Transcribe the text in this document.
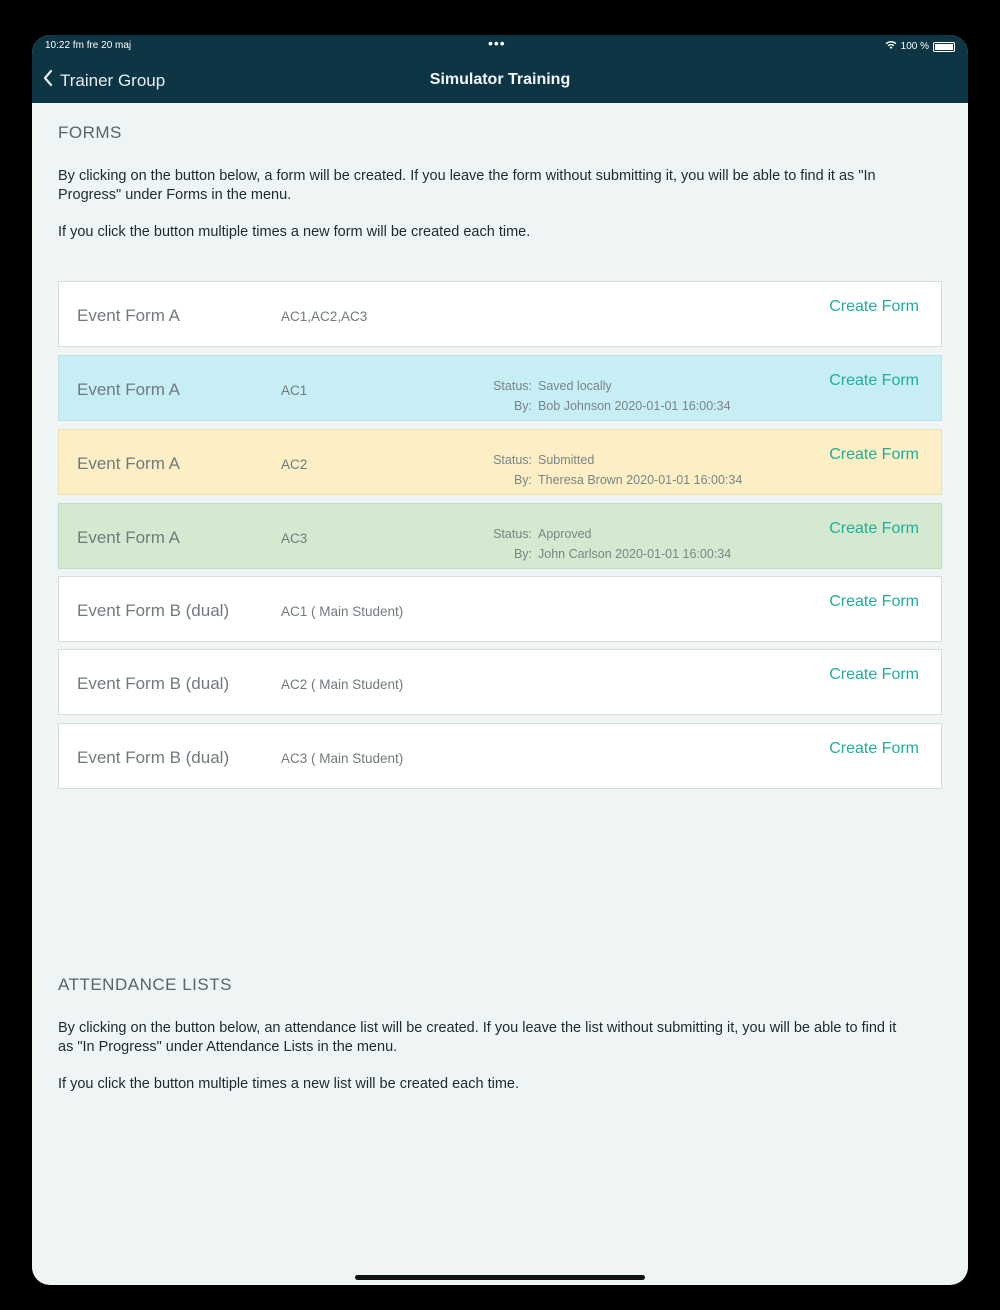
10:22 fm fre 20 maj	•••	100 %
Trainer Group	Simulator Training
FORMS
By clicking on the button below, a form will be created. If you leave the form without submitting it, you will be able to find it as "In Progress" under Forms in the menu.
If you click the button multiple times a new form will be created each time.
Event Form A	AC1,AC2,AC3
Create Form
Event Form A	AC1	Status: Saved locally
By: Bob Johnson 2020-01-01 16:00:34
Create Form
Event Form A	AC2	Status: Submitted
By: Theresa Brown 2020-01-01 16:00:34
Create Form
Event Form A	AC3	Status: Approved
By: John Carlson 2020-01-01 16:00:34
Create Form
Event Form B (dual)	AC1 ( Main Student)
Create Form
Event Form B (dual)	AC2 ( Main Student)
Create Form
Event Form B (dual)	AC3 ( Main Student)
Create Form
ATTENDANCE LISTS
By clicking on the button below, an attendance list will be created. If you leave the list without submitting it, you will be able to find it as "In Progress" under Attendance Lists in the menu.
If you click the button multiple times a new list will be created each time.
